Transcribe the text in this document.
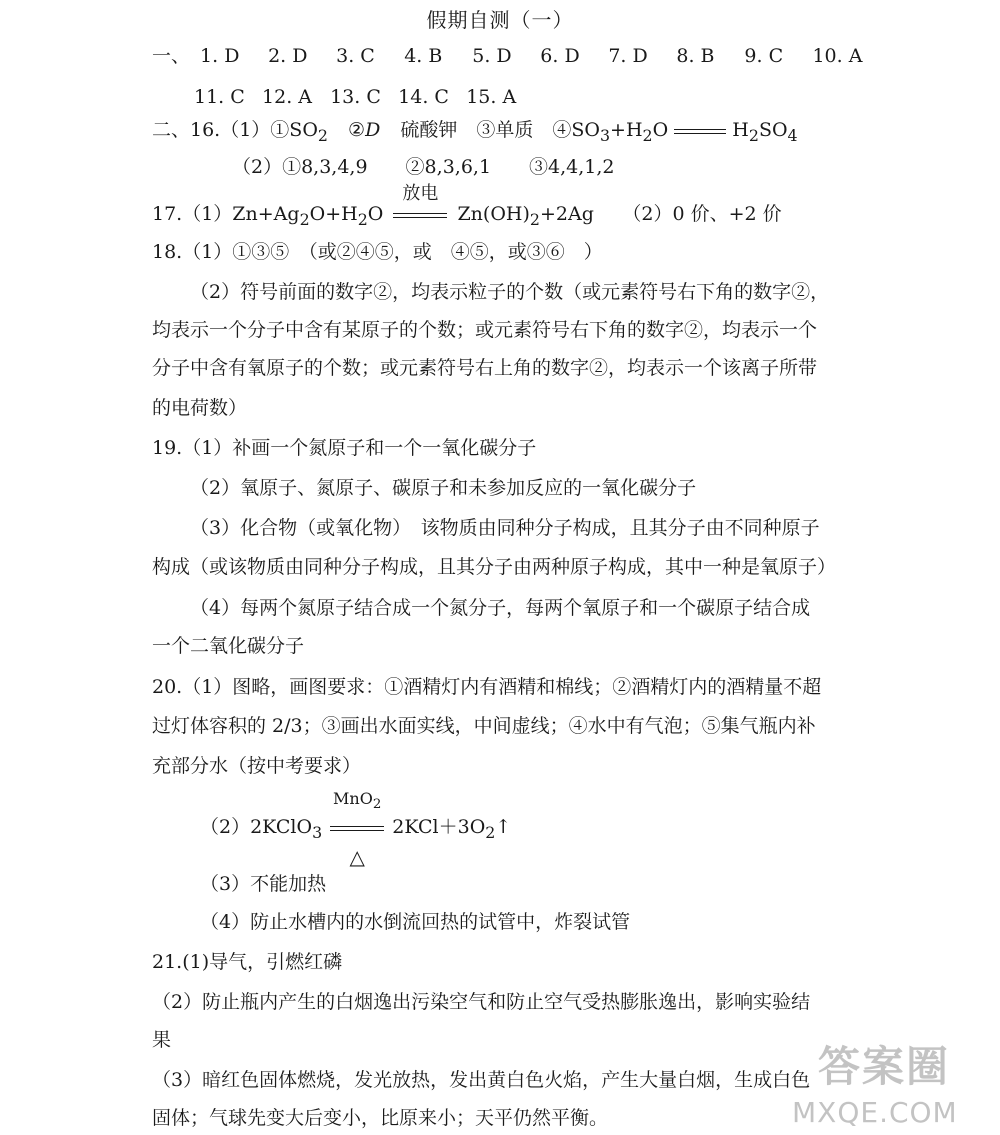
假期自测（一）
一、 1. D 2. D 3. C 4. B 5. D 6. D 7. D 8. B 9. C 10. A
11. C 12. A 13. C 14. C 15. A
二、$16.(1)①SO_2$ ②D 硫酸钾　③单质　$④SO_3+H_2O$	$H_2SO_4$
（2）①8,3,4,9　　②8,3,6,1　　③4,4,1,2
$17.(1)Zn+Ag_2O+H_2O$
放电
$Zn(OH)_2+2Ag$　　（2）0 价、+2 价
18.（1）①③⑤　（或②④⑤，或　④⑤，或③⑥　）
（2）符号前面的数字②，均表示粒子的个数（或元素符号右下角的数字②，
均表示一个分子中含有某原子的个数；或元素符号右下角的数字②，均表示一个
分子中含有氧原子的个数；或元素符号右上角的数字②，均表示一个该离子所带
的电荷数）
19.（1）补画一个氮原子和一个一氧化碳分子
（2）氧原子、氮原子、碳原子和未参加反应的一氧化碳分子
（3）化合物（或氧化物）　该物质由同种分子构成，且其分子由不同种原子
构成（或该物质由同种分子构成，且其分子由两种原子构成，其中一种是氧原子）
（4）每两个氮原子结合成一个氮分子，每两个氧原子和一个碳原子结合成
一个二氧化碳分子
20.（1）图略，画图要求：①酒精灯内有酒精和棉线；②酒精灯内的酒精量不超
过灯体容积的 2/3；③画出水面实线，中间虚线；④水中有气泡；⑤集气瓶内补
充部分水（按中考要求）
（2）2KClO$_3$
MnO$_2$
△
$2KCl+3O_2↑$
（3）不能加热
（4）防止水槽内的水倒流回热的试管中，炸裂试管
21.(1)导气，引燃红磷
（2）防止瓶内产生的白烟逸出污染空气和防止空气受热膨胀逸出，影响实验结
果
（3）暗红色固体燃烧，发光放热，发出黄白色火焰，产生大量白烟，生成白色
固体；气球先变大后变小，比原来小；天平仍然平衡。
答案圈
MXQE.COM
